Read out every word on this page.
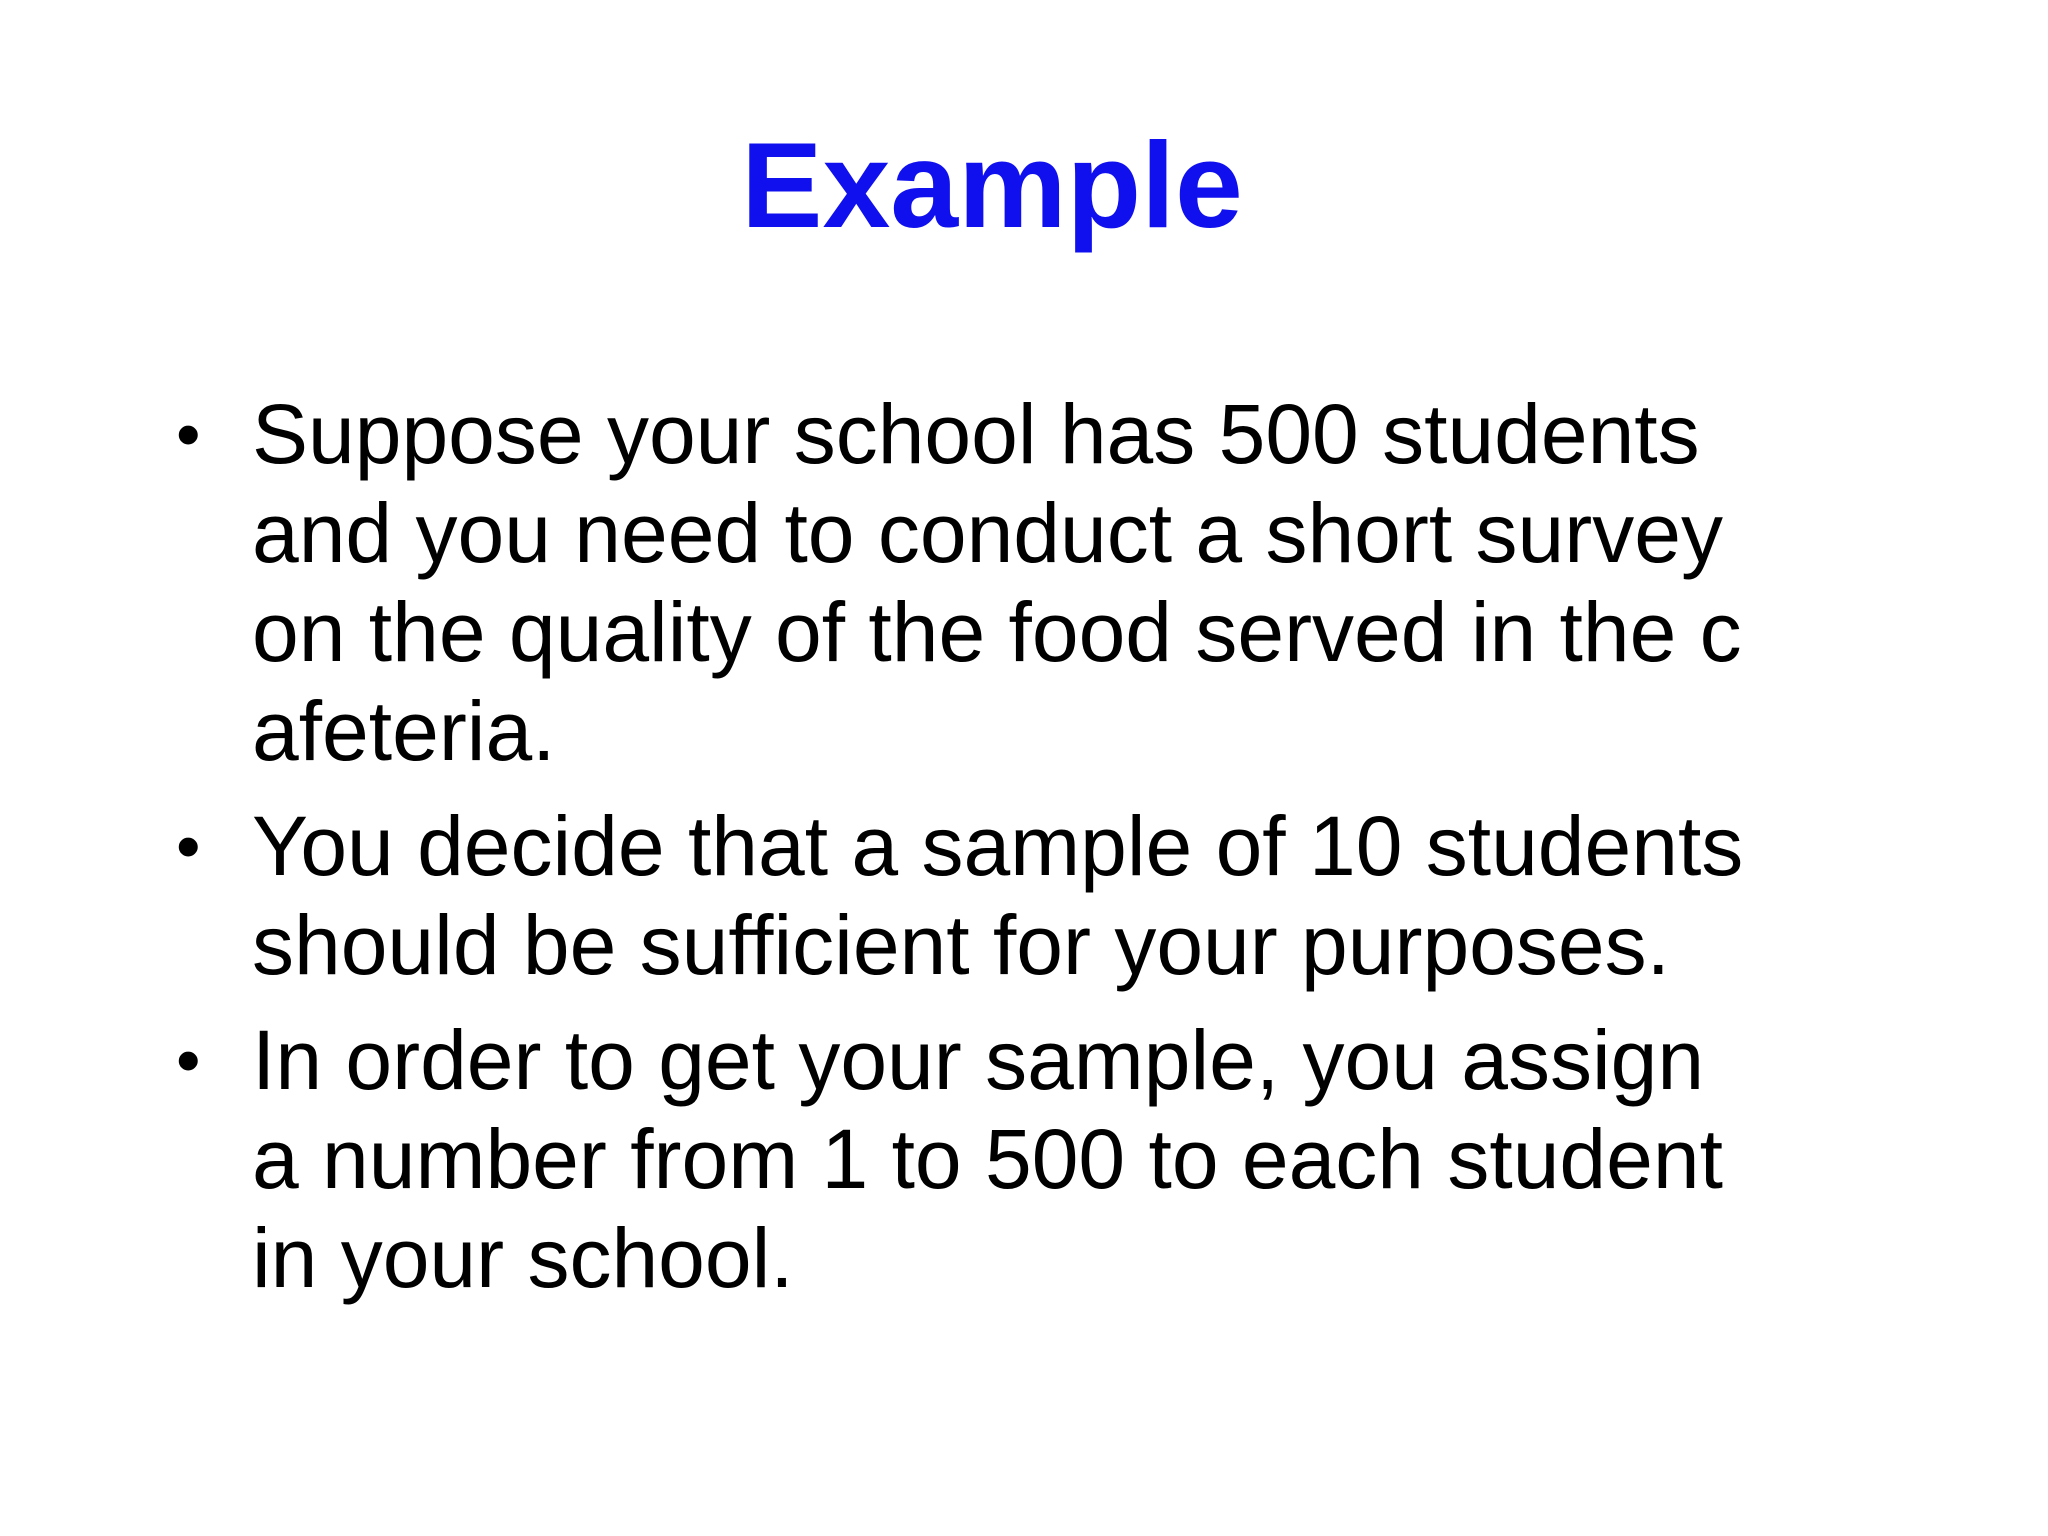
Example
• Suppose your school has 500 students
and you need to conduct a short survey
on the quality of the food served in the c
afeteria.
• You decide that a sample of 10 students
should be sufficient for your purposes.
• In order to get your sample, you assign
a number from 1 to 500 to each student
in your school.
